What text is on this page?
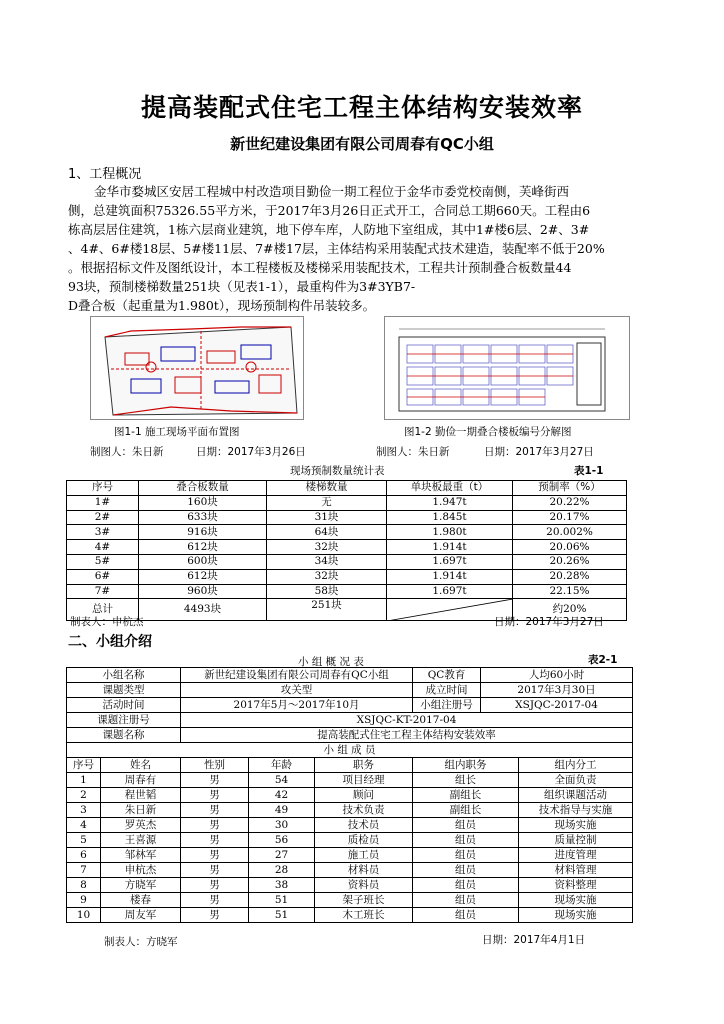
提高装配式住宅工程主体结构安装效率
新世纪建设集团有限公司周春有QC小组
1、工程概况

金华市婺城区安居工程城中村改造项目勤俭一期工程位于金华市委党校南侧，芙峰街西

侧，总建筑面积75326.55平方米，于2017年3月26日正式开工，合同总工期660天。工程由6

栋高层居住建筑，1栋六层商业建筑，地下停车库，人防地下室组成，其中1#楼6层、2#、3#

、4#、6#楼18层、5#楼11层、7#楼17层，主体结构采用装配式技术建造，装配率不低于20%

。根据招标文件及图纸设计，本工程楼板及楼梯采用装配技术，工程共计预制叠合板数量44

93块，预制楼梯数量251块（见表1-1），最重构件为3#3YB7-

D叠合板（起重量为1.980t），现场预制构件吊装较多。

图1-1 施工现场平面布置图	图1-2 勤俭一期叠合楼板编号分解图
制图人：朱日新	日期：2017年3月26日	制图人：朱日新	日期：2017年3月27日
现场预制数量统计表	表1-1
序号	叠合板数量	楼梯数量	单块板最重（t）	预制率（%）
1#	160块	无	1.947t	20.22%
2#	633块	31块	1.845t	20.17%
3#	916块	64块	1.980t	20.002%
4#	612块	32块	1.914t	20.06%
5#	600块	34块	1.697t	20.26%
6#	612块	32块	1.914t	20.28%
7#	960块	58块	1.697t	22.15%
总计	4493块	251块		约20%
制表人：申杭杰	日期：2017年3月27日
二、小组介绍
小 组 概 况 表	表2-1
小组名称		新世纪建设集团有限公司周春有QC小组			QC教育	人均60小时	
课题类型		攻关型			成立时间	2017年3月30日	
活动时间		2017年5月～2017年10月			小组注册号	XSJQC-2017-04	
课题注册号		XSJQC-KT-2017-04					
课题名称		提高装配式住宅工程主体结构安装效率					
小 组 成 员							
序号	姓名	性别	年龄	职务	组内职务		组内分工
1	周春有	男	54	项目经理	组长		全面负责
2	程世韬	男	42	顾问	副组长		组织课题活动
3	朱日新	男	49	技术负责	副组长		技术指导与实施
4	罗英杰	男	30	技术员	组员		现场实施
5	王喜源	男	56	质检员	组员		质量控制
6	邹林军	男	27	施工员	组员		进度管理
7	申杭杰	男	28	材料员	组员		材料管理
8	方晓军	男	38	资料员	组员		资料整理
9	楼春	男	51	架子班长	组员		现场实施
10	周友军	男	51	木工班长	组员		现场实施
制表人：方晓军	日期：2017年4月1日
